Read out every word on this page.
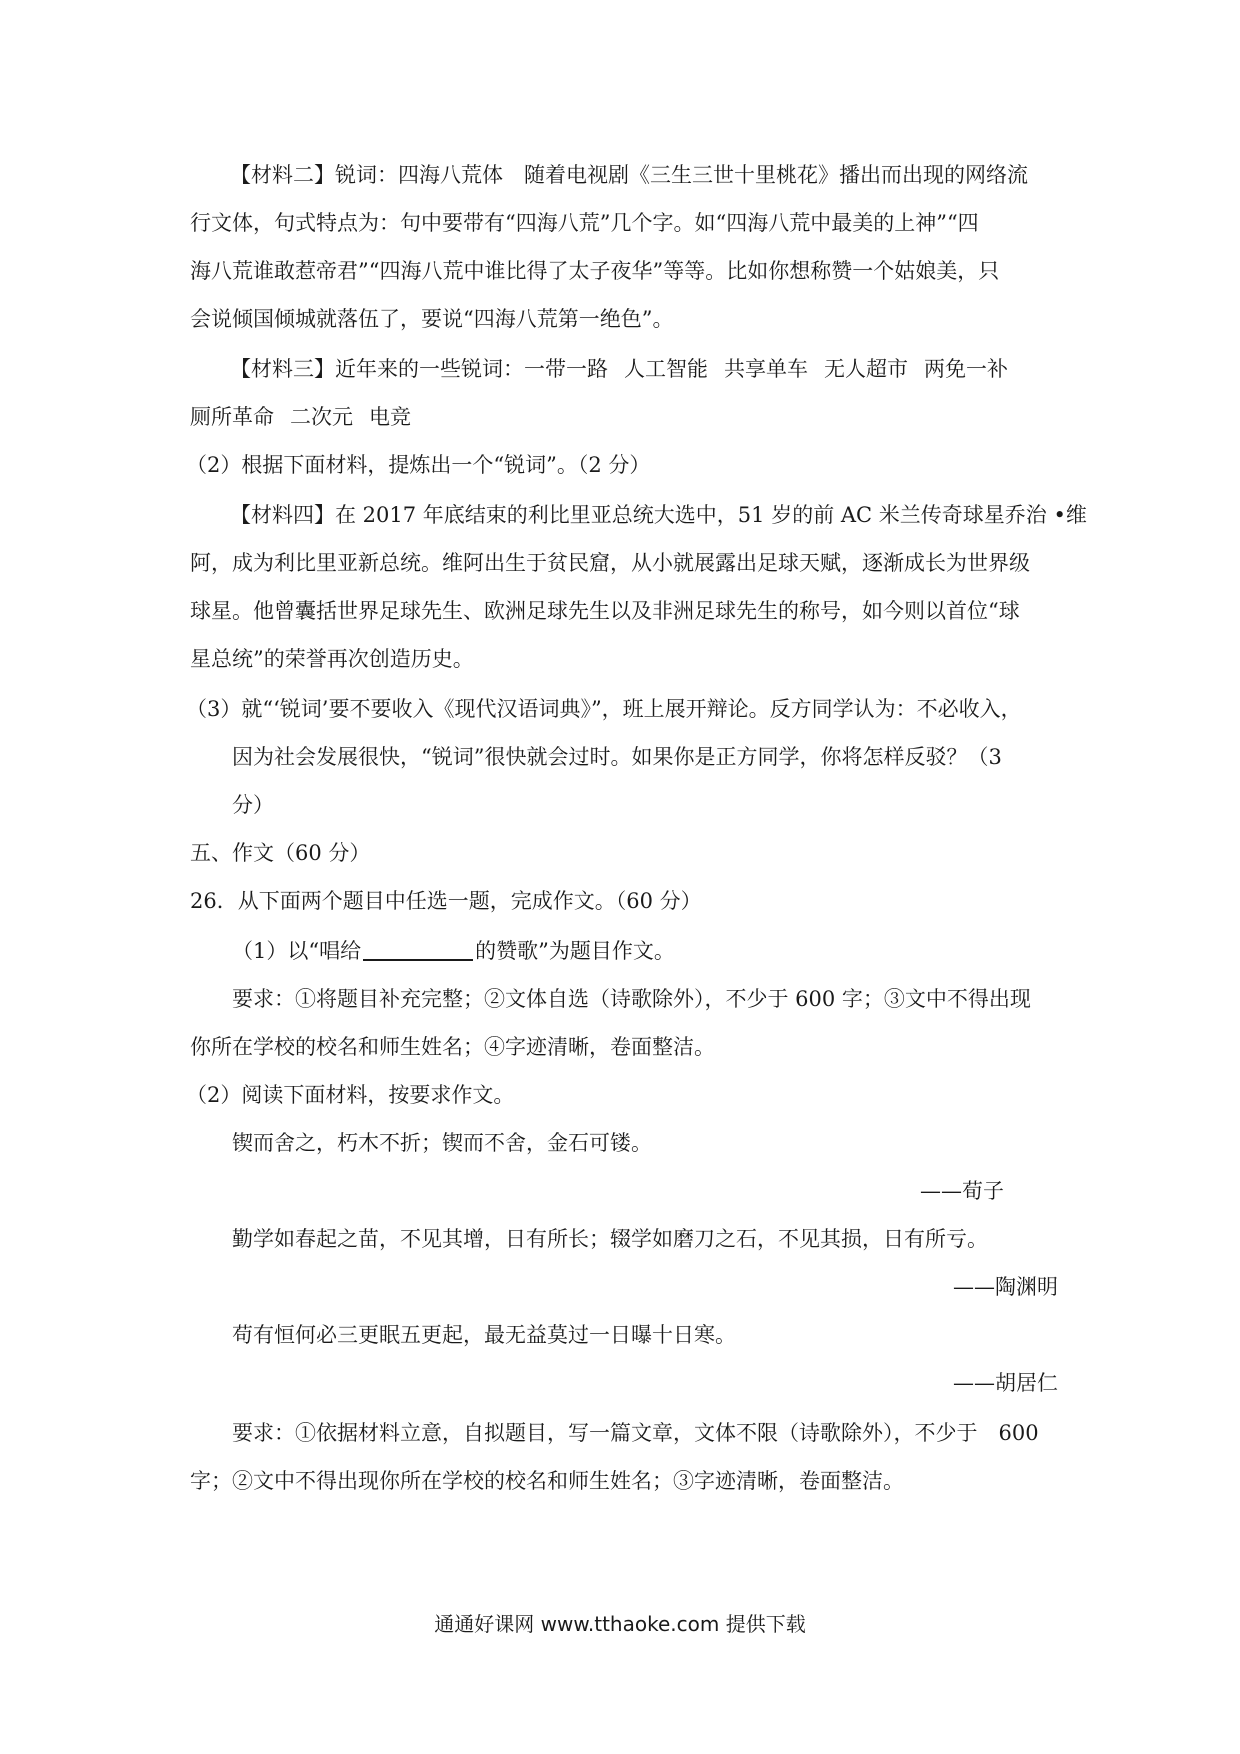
【材料二】锐词：四海八荒体　随着电视剧《三生三世十里桃花》播出而出现的网络流
行文体，句式特点为：句中要带有“四海八荒”几个字。如“四海八荒中最美的上神”“四
海八荒谁敢惹帝君”“四海八荒中谁比得了太子夜华”等等。比如你想称赞一个姑娘美，只
会说倾国倾城就落伍了，要说“四海八荒第一绝色”。
【材料三】近年来的一些锐词：一带一路 人工智能 共享单车 无人超市 两免一补
厕所革命 二次元 电竞
（2）根据下面材料，提炼出一个“锐词”。（2 分）
【材料四】在 2017 年底结束的利比里亚总统大选中，51 岁的前 AC 米兰传奇球星乔治 •维
阿，成为利比里亚新总统。维阿出生于贫民窟，从小就展露出足球天赋，逐渐成长为世界级
球星。他曾囊括世界足球先生、欧洲足球先生以及非洲足球先生的称号，如今则以首位“球
星总统”的荣誉再次创造历史。
（3）就“‘锐词’要不要收入《现代汉语词典》”，班上展开辩论。反方同学认为：不必收入，
因为社会发展很快，“锐词”很快就会过时。如果你是正方同学，你将怎样反驳？（3
分）
五、作文（60 分）
26．从下面两个题目中任选一题，完成作文。（60 分）
（1）以“唱给	的赞歌”为题目作文。
要求：①将题目补充完整；②文体自选（诗歌除外），不少于 600 字；③文中不得出现
你所在学校的校名和师生姓名；④字迹清晰，卷面整洁。
（2）阅读下面材料，按要求作文。
锲而舍之，朽木不折；锲而不舍，金石可镂。
——荀子
勤学如春起之苗，不见其增，日有所长；辍学如磨刀之石，不见其损，日有所亏。
——陶渊明
苟有恒何必三更眠五更起，最无益莫过一日曝十日寒。
——胡居仁
要求：①依据材料立意，自拟题目，写一篇文章，文体不限（诗歌除外），不少于　600
字；②文中不得出现你所在学校的校名和师生姓名；③字迹清晰，卷面整洁。
通通好课网 www.tthaoke.com 提供下载
